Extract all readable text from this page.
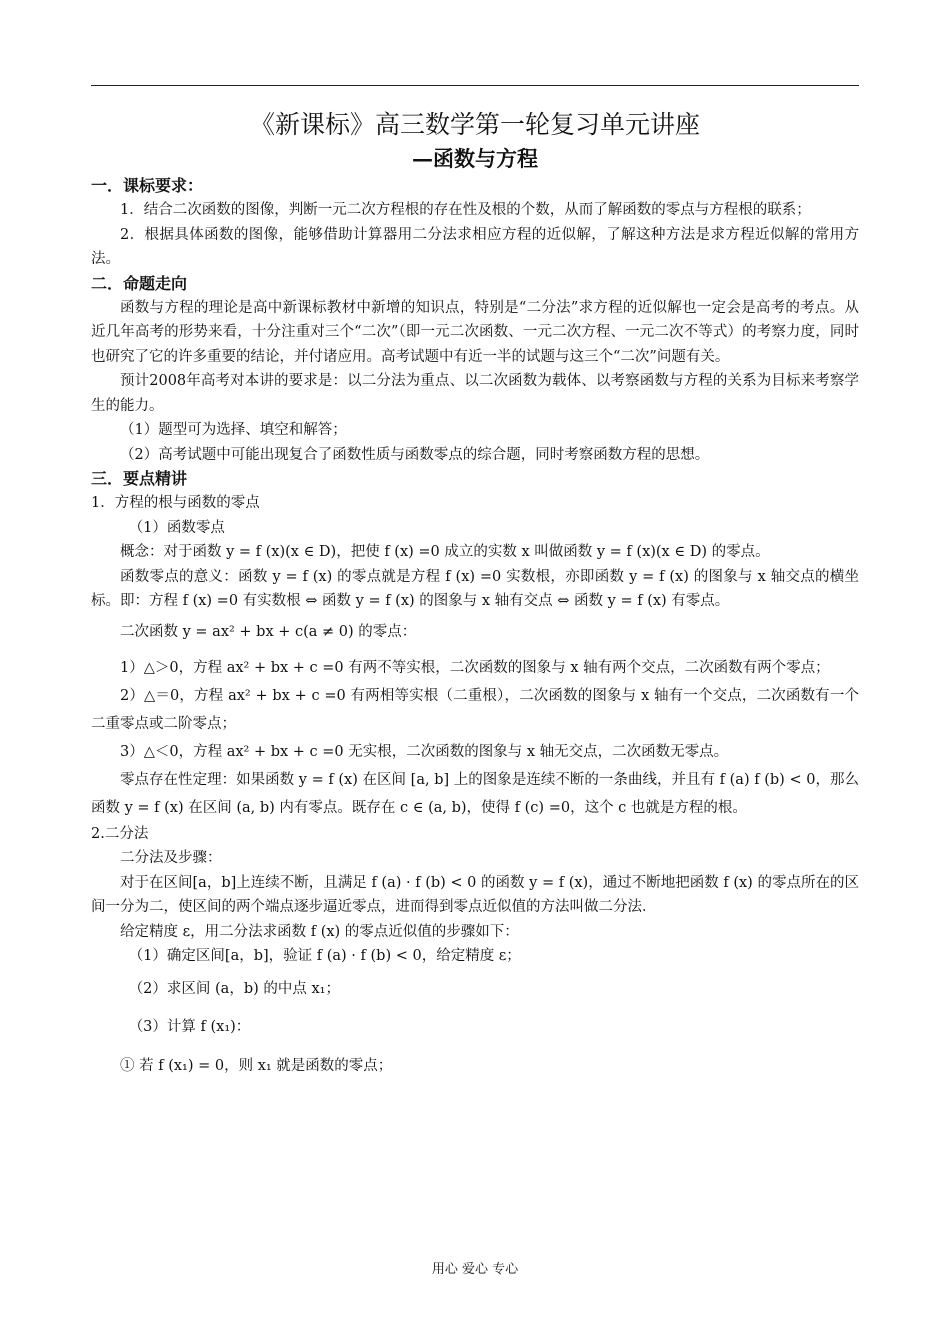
《新课标》高三数学第一轮复习单元讲座
—函数与方程
一．课标要求：

1．结合二次函数的图像，判断一元二次方程根的存在性及根的个数，从而了解函数的零点与方程根的联系；

2．根据具体函数的图像，能够借助计算器用二分法求相应方程的近似解，了解这种方法是求方程近似解的常用方法。

二．命题走向

函数与方程的理论是高中新课标教材中新增的知识点，特别是“二分法”求方程的近似解也一定会是高考的考点。从近几年高考的形势来看，十分注重对三个“二次”（即一元二次函数、一元二次方程、一元二次不等式）的考察力度，同时也研究了它的许多重要的结论，并付诸应用。高考试题中有近一半的试题与这三个“二次”问题有关。

预计2008年高考对本讲的要求是：以二分法为重点、以二次函数为载体、以考察函数与方程的关系为目标来考察学生的能力。

（1）题型可为选择、填空和解答；

（2）高考试题中可能出现复合了函数性质与函数零点的综合题，同时考察函数方程的思想。

三．要点精讲

1．方程的根与函数的零点

（1）函数零点

概念：对于函数 y = f (x)(x ∈ D)，把使 f (x) =0 成立的实数 x 叫做函数 y = f (x)(x ∈ D) 的零点。

函数零点的意义：函数 y = f (x) 的零点就是方程 f (x) =0 实数根，亦即函数 y = f (x) 的图象与 x 轴交点的横坐标。即：方程 f (x) =0 有实数根 ⇔ 函数 y = f (x) 的图象与 x 轴有交点 ⇔ 函数 y = f (x) 有零点。

二次函数 y = ax² + bx + c(a ≠ 0) 的零点：

1）△＞0，方程 ax² + bx + c =0 有两不等实根，二次函数的图象与 x 轴有两个交点，二次函数有两个零点；

2）△＝0，方程 ax² + bx + c =0 有两相等实根（二重根），二次函数的图象与 x 轴有一个交点，二次函数有一个二重零点或二阶零点；

3）△＜0，方程 ax² + bx + c =0 无实根，二次函数的图象与 x 轴无交点，二次函数无零点。

零点存在性定理：如果函数 y = f (x) 在区间 [a, b] 上的图象是连续不断的一条曲线，并且有 f (a) f (b) < 0，那么函数 y = f (x) 在区间 (a, b) 内有零点。既存在 c ∈ (a, b)，使得 f (c) =0，这个 c 也就是方程的根。

2.二分法

二分法及步骤：

对于在区间[a，b]上连续不断，且满足 f (a) · f (b) < 0 的函数 y = f (x)，通过不断地把函数 f (x) 的零点所在的区间一分为二，使区间的两个端点逐步逼近零点，进而得到零点近似值的方法叫做二分法．

给定精度 ε，用二分法求函数 f (x) 的零点近似值的步骤如下：

（1）确定区间[a，b]，验证 f (a) · f (b) < 0，给定精度 ε；

（2）求区间 (a，b) 的中点 x₁；

（3）计算 f (x₁)：

① 若 f (x₁) = 0，则 x₁ 就是函数的零点；

用心 爱心 专心
